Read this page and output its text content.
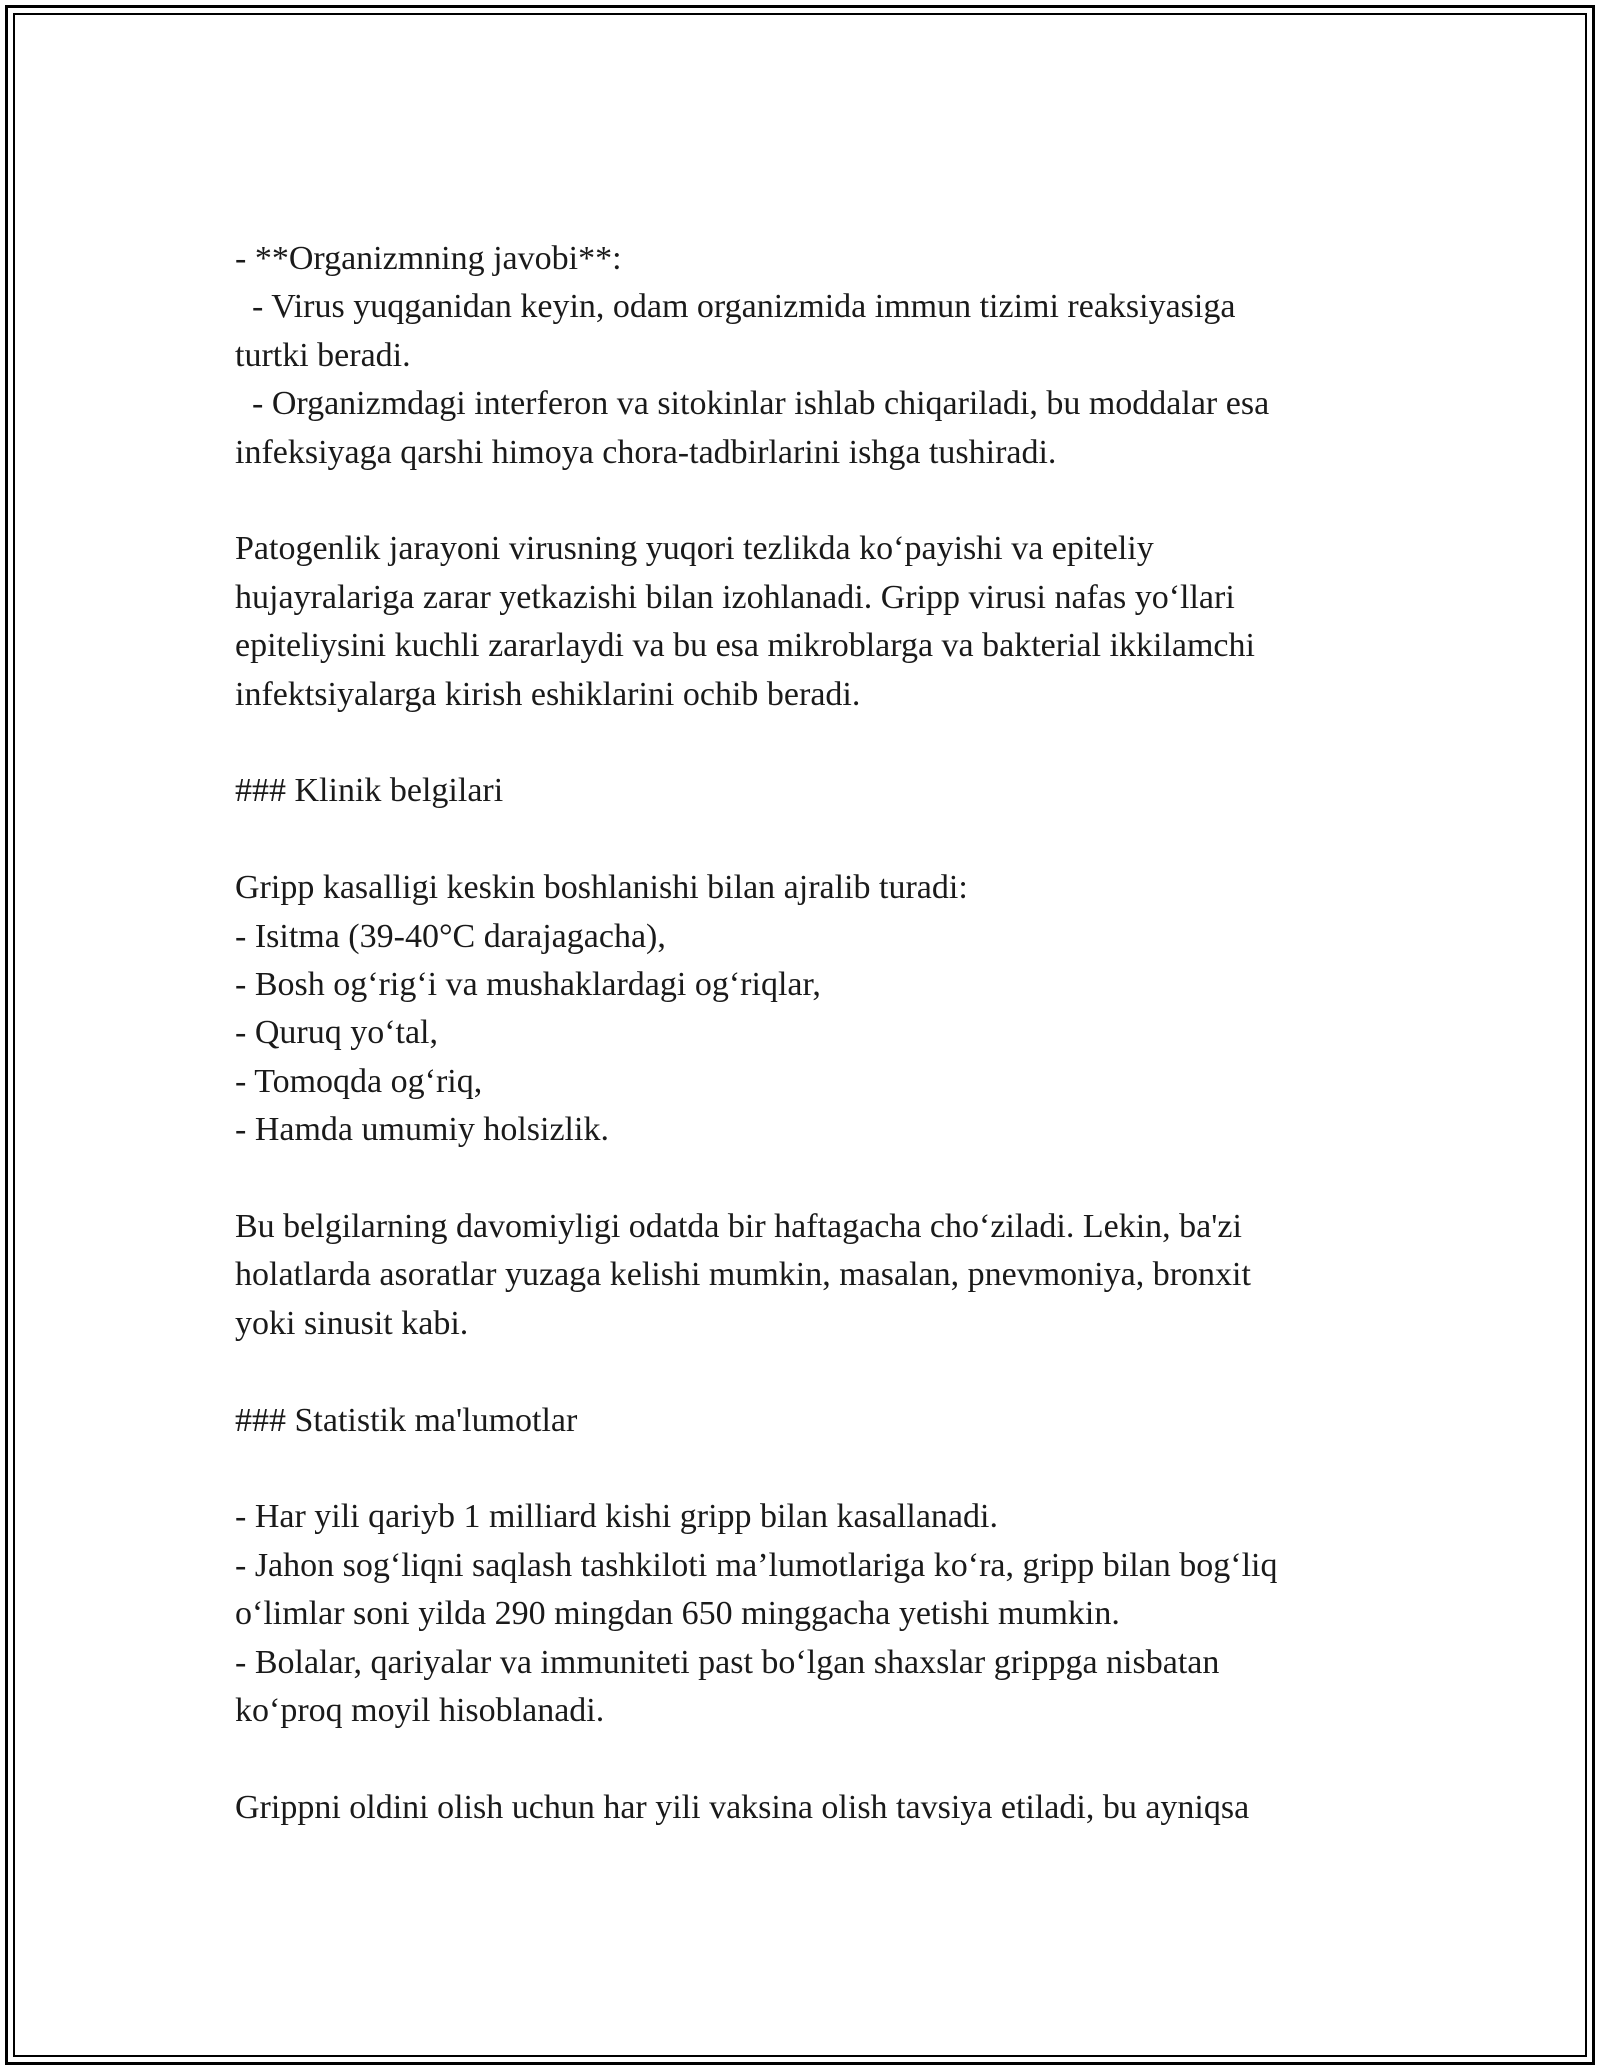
- **Organizmning javobi**:

- Virus yuqganidan keyin, odam organizmida immun tizimi reaksiyasiga

turtki beradi.

- Organizmdagi interferon va sitokinlar ishlab chiqariladi, bu moddalar esa

infeksiyaga qarshi himoya chora-tadbirlarini ishga tushiradi.

Patogenlik jarayoni virusning yuqori tezlikda ko‘payishi va epiteliy

hujayralariga zarar yetkazishi bilan izohlanadi. Gripp virusi nafas yo‘llari

epiteliysini kuchli zararlaydi va bu esa mikroblarga va bakterial ikkilamchi

infektsiyalarga kirish eshiklarini ochib beradi.

### Klinik belgilari

Gripp kasalligi keskin boshlanishi bilan ajralib turadi:

- Isitma (39-40°C darajagacha),

- Bosh og‘rig‘i va mushaklardagi og‘riqlar,

- Quruq yo‘tal,

- Tomoqda og‘riq,

- Hamda umumiy holsizlik.

Bu belgilarning davomiyligi odatda bir haftagacha cho‘ziladi. Lekin, ba'zi

holatlarda asoratlar yuzaga kelishi mumkin, masalan, pnevmoniya, bronxit

yoki sinusit kabi.

### Statistik ma'lumotlar

- Har yili qariyb 1 milliard kishi gripp bilan kasallanadi.

- Jahon sog‘liqni saqlash tashkiloti ma’lumotlariga ko‘ra, gripp bilan bog‘liq

o‘limlar soni yilda 290 mingdan 650 minggacha yetishi mumkin.

- Bolalar, qariyalar va immuniteti past bo‘lgan shaxslar grippga nisbatan

ko‘proq moyil hisoblanadi.

Grippni oldini olish uchun har yili vaksina olish tavsiya etiladi, bu ayniqsa
